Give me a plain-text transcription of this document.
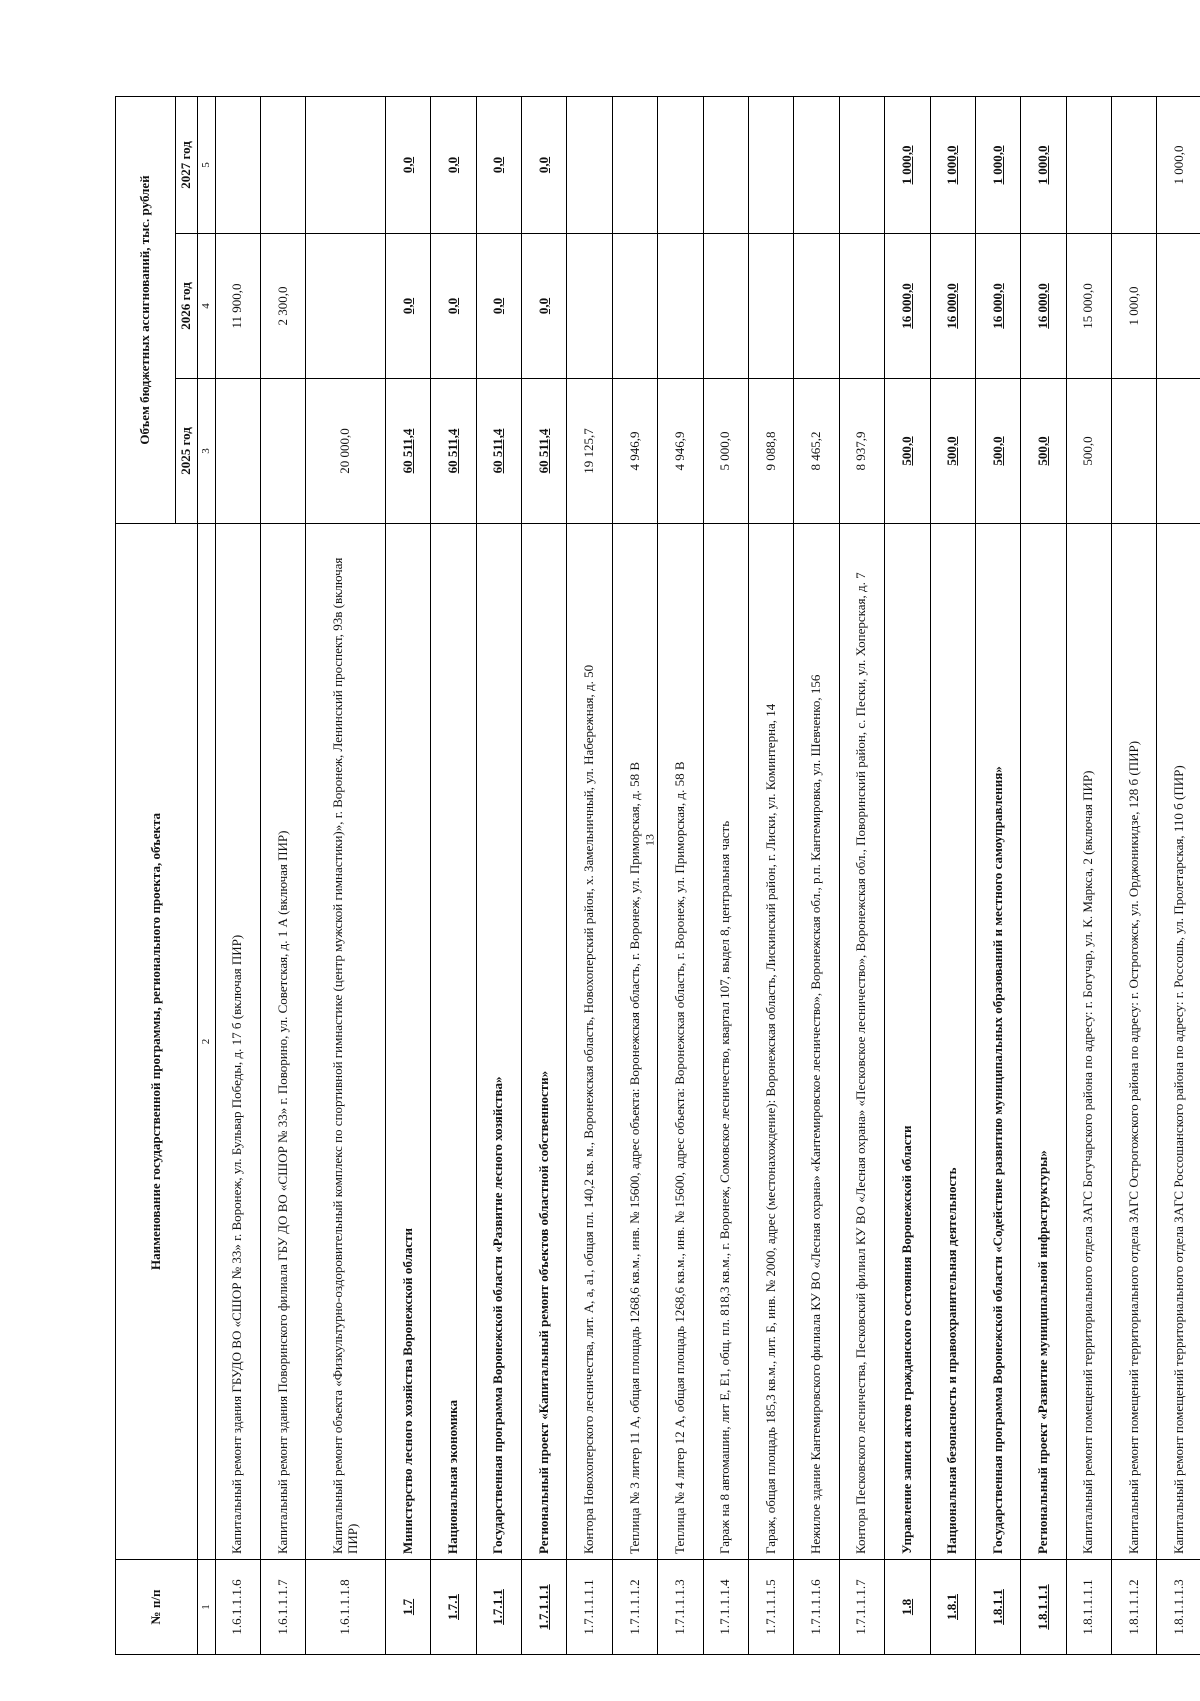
13
№ п/п	Наименование государственной программы, регионального проекта, объекта	Объем бюджетных ассигнований, тыс. рублей		
		2025 год	2026 год	2027 год
1	2	3	4	5
1.6.1.1.1.6	Капитальный ремонт здания ГБУДО ВО «СШОР № 33» г. Воронеж, ул. Бульвар Победы, д. 17 б (включая ПИР)		11 900,0	
1.6.1.1.1.7	Капитальный ремонт здания Поворинского филиала ГБУ ДО ВО «СШОР № 33» г. Поворино, ул. Советская, д. 1 А (включая ПИР)		2 300,0	
1.6.1.1.1.8	Капитальный ремонт объекта «Физкультурно-оздоровительный комплекс по спортивной гимнастике (центр мужской гимнастики)», г. Воронеж, Ленинский проспект, 93в (включая ПИР)	20 000,0		
1.7	Министерство лесного хозяйства Воронежской области	60 511,4	0,0	0,0
1.7.1	Национальная экономика	60 511,4	0,0	0,0
1.7.1.1	Государственная программа Воронежской области «Развитие лесного хозяйства»	60 511,4	0,0	0,0
1.7.1.1.1	Региональный проект «Капитальный ремонт объектов областной собственности»	60 511,4	0,0	0,0
1.7.1.1.1.1	Контора Новохоперского лесничества, лит. А, а, а1, общая пл. 140,2 кв. м., Воронежская область, Новохоперский район, х. Замельничный, ул. Набережная, д. 50	19 125,7		
1.7.1.1.1.2	Теплица № 3 литер 11 А, общая площадь 1268,6 кв.м., инв. № 15600, адрес объекта: Воронежская область, г. Воронеж, ул. Приморская, д. 58 В	4 946,9		
1.7.1.1.1.3	Теплица № 4 литер 12 А, общая площадь 1268,6 кв.м., инв. № 15600, адрес объекта: Воронежская область, г. Воронеж, ул. Приморская, д. 58 В	4 946,9		
1.7.1.1.1.4	Гараж на 8 автомашин, лит Е, Е1, общ. пл. 818,3 кв.м., г. Воронеж, Сомовское лесничество, квартал 107, выдел 8, центральная часть	5 000,0		
1.7.1.1.1.5	Гараж, общая площадь 185,3 кв.м., лит. Б, инв. № 2000, адрес (местонахождение): Воронежская область, Лискинский район, г. Лиски, ул. Коминтерна, 14	9 088,8		
1.7.1.1.1.6	Нежилое здание Кантемировского филиала КУ ВО «Лесная охрана» «Кантемировское лесничество», Воронежская обл., р.п. Кантемировка, ул. Шевченко, 156	8 465,2		
1.7.1.1.1.7	Контора Песковского лесничества, Песковский филиал КУ ВО «Лесная охрана» «Песковское лесничество», Воронежская обл., Поворинский район, с. Пески, ул. Хоперская, д. 7	8 937,9		
1.8	Управление записи актов гражданского состояния Воронежской области	500,0	16 000,0	1 000,0
1.8.1	Национальная безопасность и правоохранительная деятельность	500,0	16 000,0	1 000,0
1.8.1.1	Государственная программа Воронежской области «Содействие развитию муниципальных образований и местного самоуправления»	500,0	16 000,0	1 000,0
1.8.1.1.1	Региональный проект «Развитие муниципальной инфраструктуры»	500,0	16 000,0	1 000,0
1.8.1.1.1.1	Капитальный ремонт помещений территориального отдела ЗАГС Богучарского района по адресу: г. Богучар, ул. К. Маркса, 2 (включая ПИР)	500,0	15 000,0	
1.8.1.1.1.2	Капитальный ремонт помещений территориального отдела ЗАГС Острогожского района по адресу: г. Острогожск, ул. Орджоникидзе, 128 б (ПИР)		1 000,0	
1.8.1.1.1.3	Капитальный ремонт помещений территориального отдела ЗАГС Россошанского района по адресу: г. Россошь, ул. Пролетарская, 110 б (ПИР)			1 000,0
